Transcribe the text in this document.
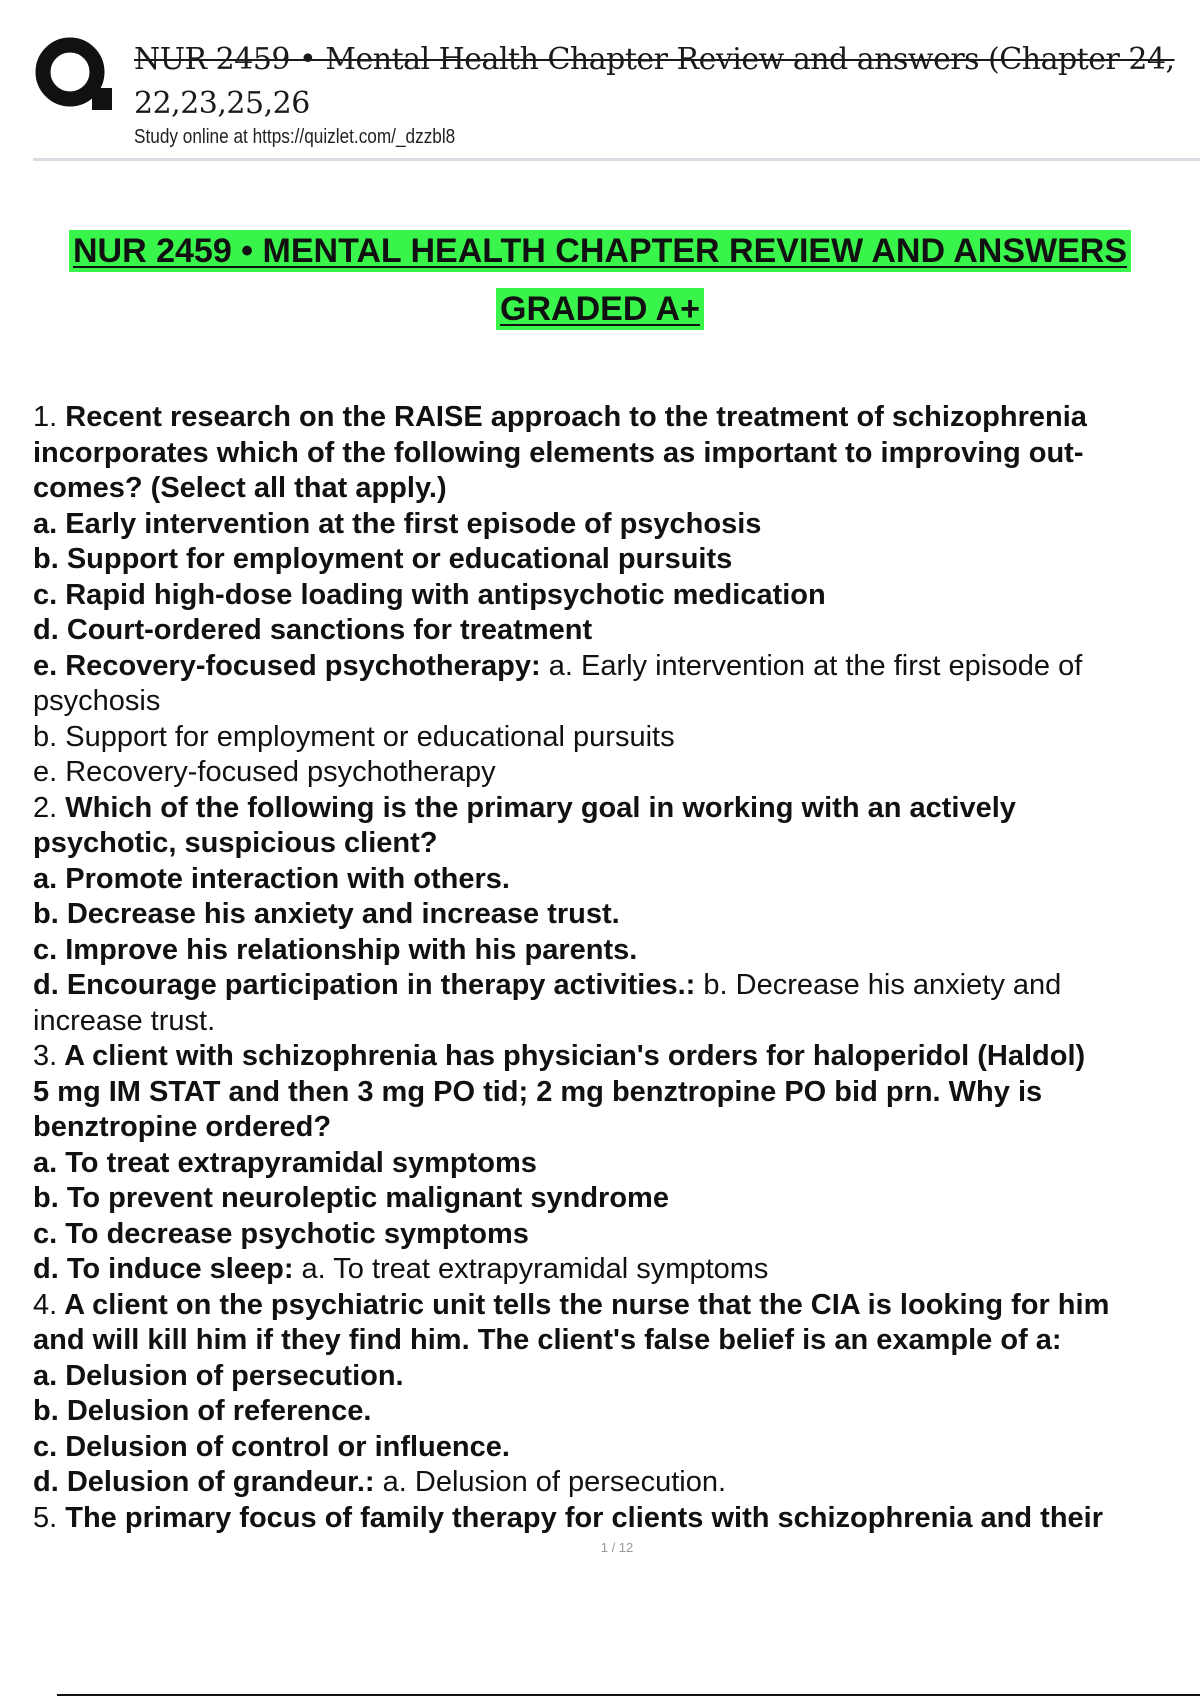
NUR 2459 • Mental Health Chapter Review and answers (Chapter 24,
22,23,25,26
Study online at https://quizlet.com/_dzzbl8
NUR 2459 • MENTAL HEALTH CHAPTER REVIEW AND ANSWERS
GRADED A+
1. Recent research on the RAISE approach to the treatment of schizophrenia
incorporates which of the following elements as important to improving out-
comes? (Select all that apply.)
a. Early intervention at the first episode of psychosis
b. Support for employment or educational pursuits
c. Rapid high-dose loading with antipsychotic medication
d. Court-ordered sanctions for treatment
e. Recovery-focused psychotherapy: a. Early intervention at the first episode of
psychosis
b. Support for employment or educational pursuits
e. Recovery-focused psychotherapy
2. Which of the following is the primary goal in working with an actively
psychotic, suspicious client?
a. Promote interaction with others.
b. Decrease his anxiety and increase trust.
c. Improve his relationship with his parents.
d. Encourage participation in therapy activities.: b. Decrease his anxiety and
increase trust.
3. A client with schizophrenia has physician's orders for haloperidol (Haldol)
5 mg IM STAT and then 3 mg PO tid; 2 mg benztropine PO bid prn. Why is
benztropine ordered?
a. To treat extrapyramidal symptoms
b. To prevent neuroleptic malignant syndrome
c. To decrease psychotic symptoms
d. To induce sleep: a. To treat extrapyramidal symptoms
4. A client on the psychiatric unit tells the nurse that the CIA is looking for him
and will kill him if they find him. The client's false belief is an example of a:
a. Delusion of persecution.
b. Delusion of reference.
c. Delusion of control or influence.
d. Delusion of grandeur.: a. Delusion of persecution.
5. The primary focus of family therapy for clients with schizophrenia and their
1 / 12
